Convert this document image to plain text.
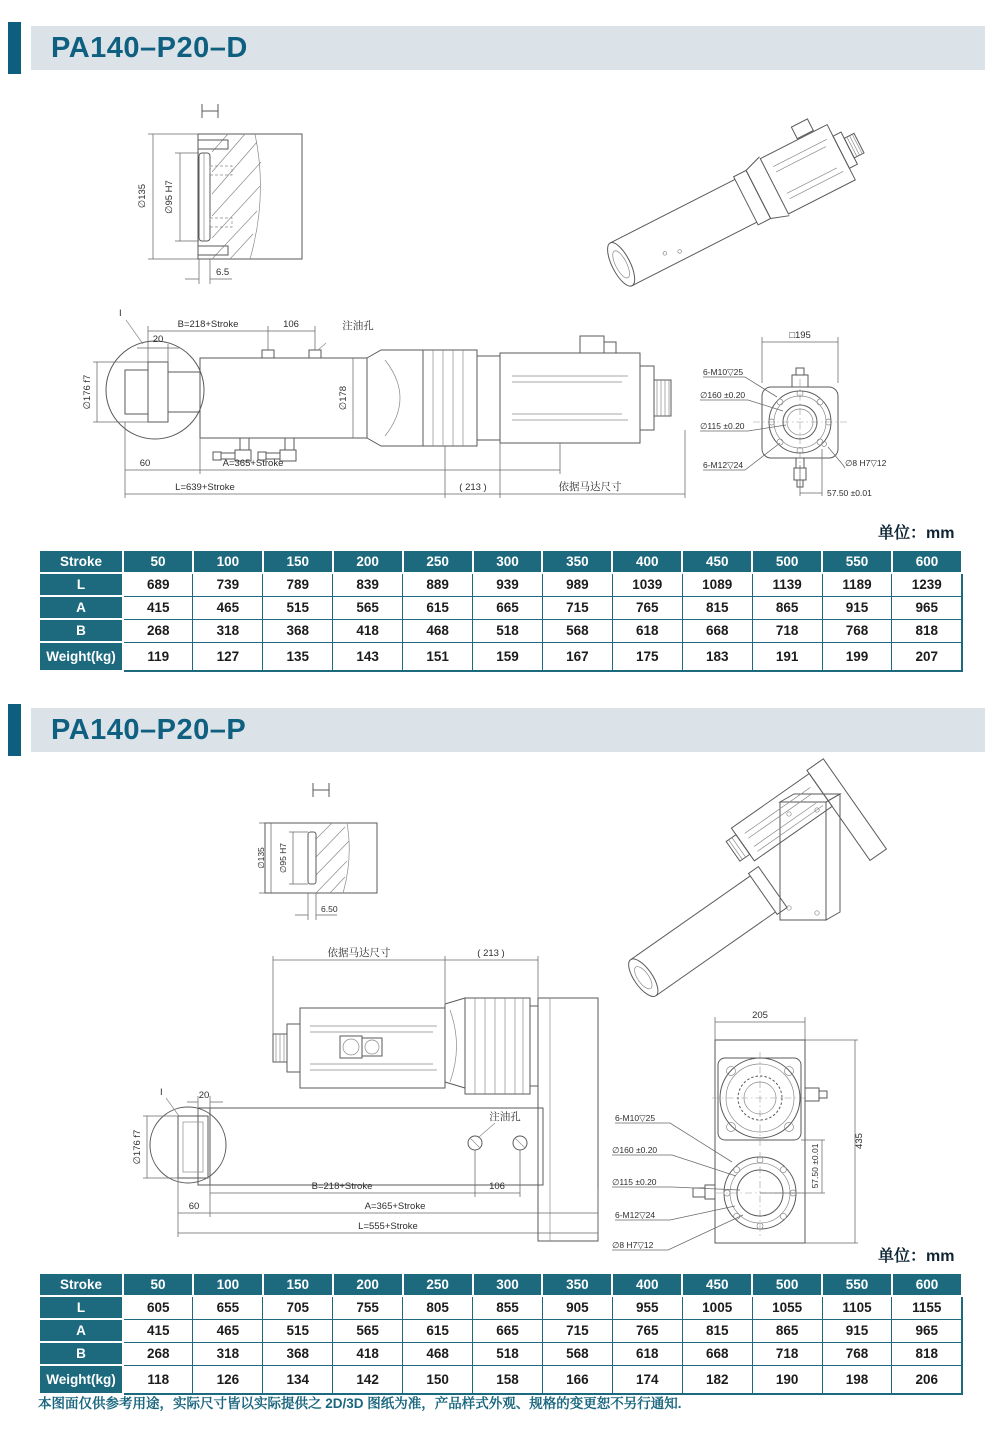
PA140–P20–D
∅135 ∅95 H7
6.5
I
20
B=218+Stroke	106	注油孔
∅178
∅176 f7
60	A=365+Stroke
L=639+Stroke	( 213 )	依据马达尺寸
□195
6-M10▽25
∅160 ±0.20
∅115 ±0.20
6-M12▽24	∅8 H7▽12
57.50 ±0.01
单位：mm
Stroke	50	100	150	200	250	300	350	400	450	500	550	600
L	689	739	789	839	889	939	989	1039	1089	1139	1189	1239
A	415	465	515	565	615	665	715	765	815	865	915	965
B	268	318	368	418	468	518	568	618	668	718	768	818
Weight(kg)	119	127	135	143	151	159	167	175	183	191	199	207
PA140–P20–P
∅135 ∅95 H7
6.50
I
注油孔
依据马达尺寸	( 213 )
20
∅176 f7
B=218+Stroke	106
60	A=365+Stroke
L=555+Stroke
205
435
57.50 ±0.01
6-M10▽25
∅160 ±0.20
∅115 ±0.20
6-M12▽24
∅8 H7▽12
单位：mm
Stroke	50	100	150	200	250	300	350	400	450	500	550	600
L	605	655	705	755	805	855	905	955	1005	1055	1105	1155
A	415	465	515	565	615	665	715	765	815	865	915	965
B	268	318	368	418	468	518	568	618	668	718	768	818
Weight(kg)	118	126	134	142	150	158	166	174	182	190	198	206
本图面仅供参考用途，实际尺寸皆以实际提供之 2D/3D 图纸为准，产品样式外观、规格的变更恕不另行通知.
